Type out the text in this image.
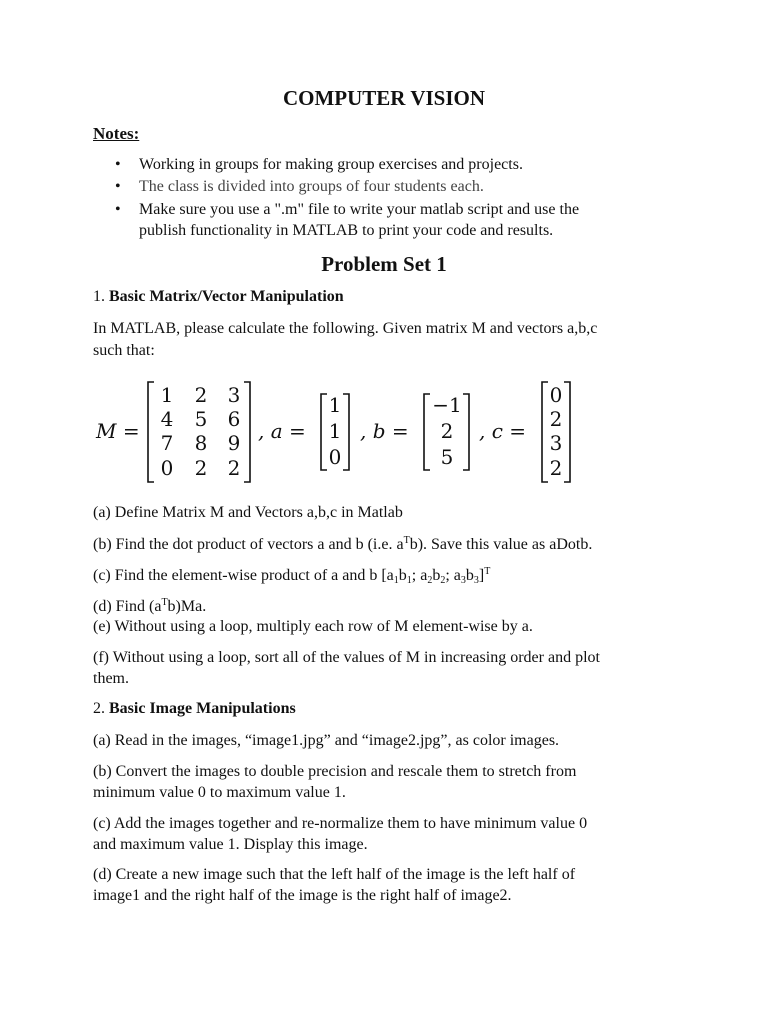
COMPUTER VISION
Notes:
• Working in groups for making group exercises and projects.
• The class is divided into groups of four students each.
• Make sure you use a ".m" file to write your matlab script and use the
publish functionality in MATLAB to print your code and results.
Problem Set 1
1. Basic Matrix/Vector Manipulation
In MATLAB, please calculate the following. Given matrix M and vectors a,b,c
such that:
M =
1 2 3
4 5 6
7 8 9
0 2 2
, a =
1
1
0
, b =
−1
2
5
, c =
0
2
3
2
(a) Define Matrix M and Vectors a,b,c in Matlab
(b) Find the dot product of vectors a and b (i.e. $a^Tb$). Save this value as aDotb.
(c) Find the element-wise product of a and b [$a_1b_1$; $a_2b_2$; $a_3b_3]^T$
(d) Find $(a^Tb)Ma$.
(e) Without using a loop, multiply each row of M element-wise by a.
(f) Without using a loop, sort all of the values of M in increasing order and plot
them.
2. Basic Image Manipulations
(a) Read in the images, “image1.jpg” and “image2.jpg”, as color images.
(b) Convert the images to double precision and rescale them to stretch from
minimum value 0 to maximum value 1.
(c) Add the images together and re-normalize them to have minimum value 0
and maximum value 1. Display this image.
(d) Create a new image such that the left half of the image is the left half of
image1 and the right half of the image is the right half of image2.
